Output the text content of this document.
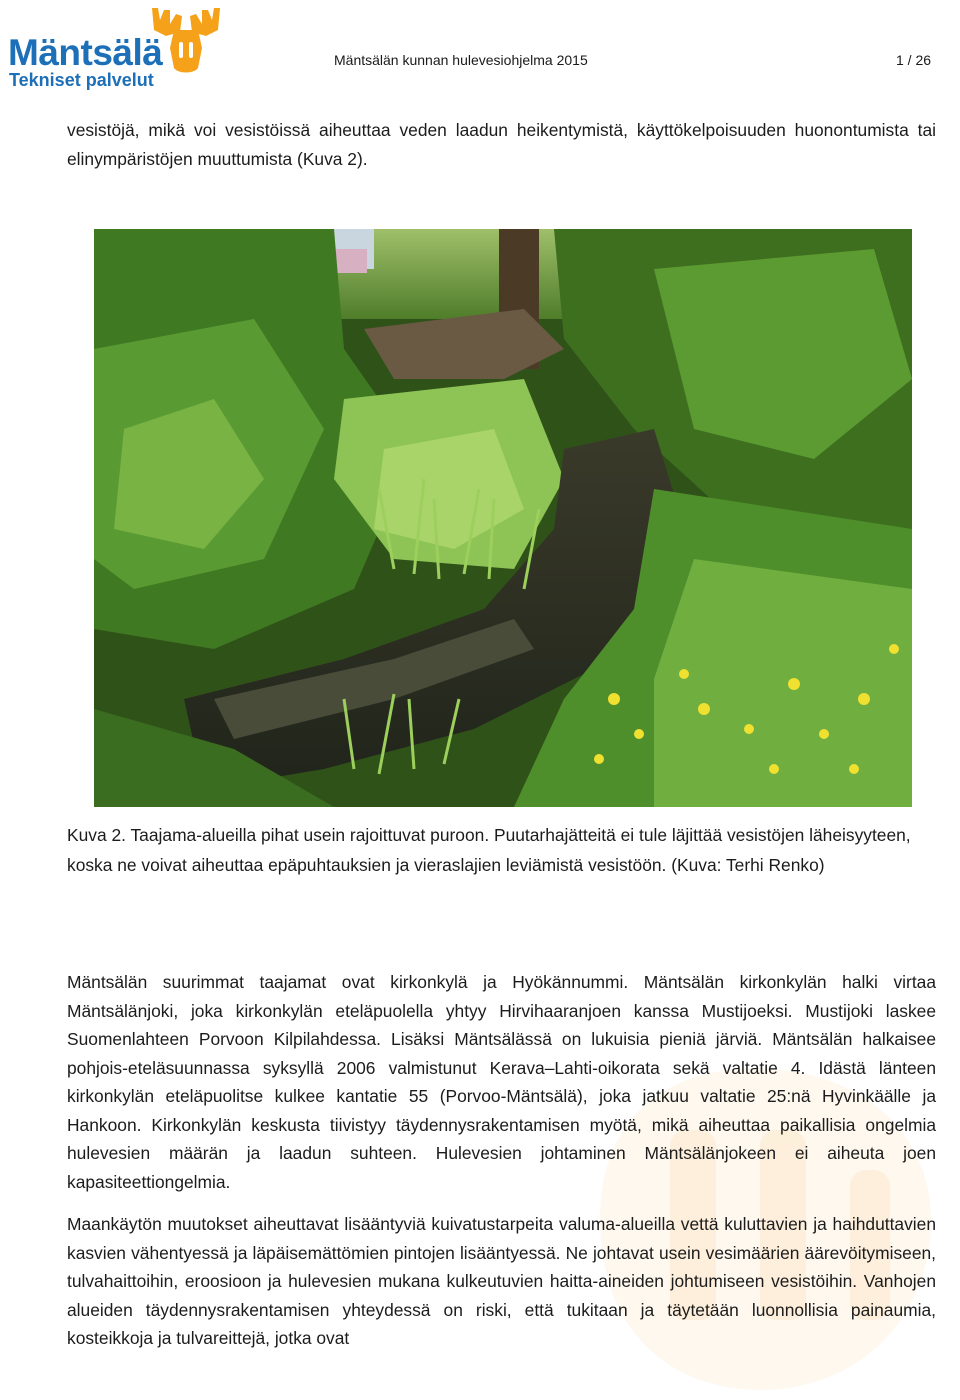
Mäntsälä
Tekniset palvelut
Mäntsälän kunnan hulevesiohjelma 2015	1 / 26

vesistöjä, mikä voi vesistöissä aiheuttaa veden laadun heikentymistä, käyttökelpoisuuden huonontumista tai elinympäristöjen muuttumista (Kuva 2).

Kuva 2. Taajama-alueilla pihat usein rajoittuvat puroon. Puutarhajätteitä ei tule läjittää vesistöjen läheisyyteen, koska ne voivat aiheuttaa epäpuhtauksien ja vieraslajien leviämistä vesistöön. (Kuva: Terhi Renko)

Mäntsälän suurimmat taajamat ovat kirkonkylä ja Hyökännummi. Mäntsälän kirkonkylän halki virtaa Mäntsälänjoki, joka kirkonkylän eteläpuolella yhtyy Hirvihaaranjoen kanssa Mustijoeksi. Mustijoki laskee Suomenlahteen Porvoon Kilpilahdessa. Lisäksi Mäntsälässä on lukuisia pieniä järviä. Mäntsälän halkaisee pohjois-eteläsuunnassa syksyllä 2006 valmistunut Kerava–Lahti-oikorata sekä valtatie 4. Idästä länteen kirkonkylän eteläpuolitse kulkee kantatie 55 (Porvoo-Mäntsälä), joka jatkuu valtatie 25:nä Hyvinkäälle ja Hankoon. Kirkonkylän keskusta tiivistyy täydennysrakentamisen myötä, mikä aiheuttaa paikallisia ongelmia hulevesien määrän ja laadun suhteen. Hulevesien johtaminen Mäntsälänjokeen ei aiheuta joen kapasiteettiongelmia.

Maankäytön muutokset aiheuttavat lisääntyviä kuivatustarpeita valuma-alueilla vettä kuluttavien ja haihduttavien kasvien vähentyessä ja läpäisemättömien pintojen lisääntyessä. Ne johtavat usein vesimäärien äärevöitymiseen, tulvahaittoihin, eroosioon ja hulevesien mukana kulkeutuvien haitta-aineiden johtumiseen vesistöihin. Vanhojen alueiden täydennysrakentamisen yhteydessä on riski, että tukitaan ja täytetään luonnollisia painaumia, kosteikkoja ja tulvareittejä, jotka ovat
